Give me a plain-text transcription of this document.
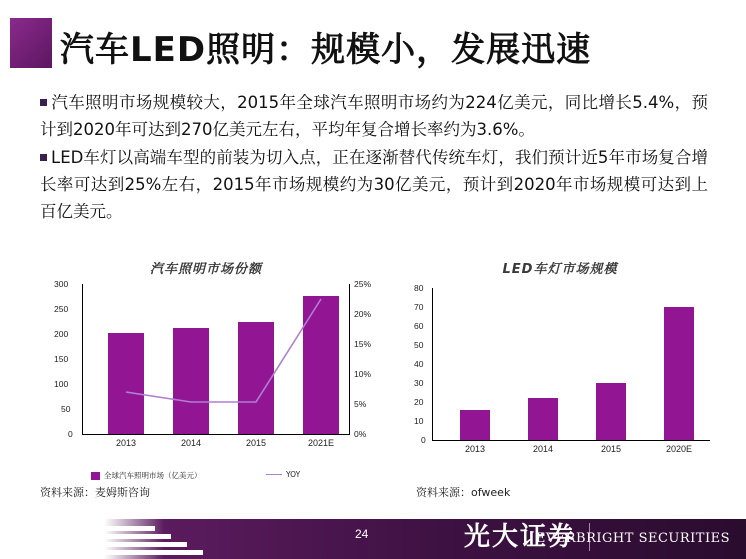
汽车LED照明：规模小，发展迅速

汽车照明市场规模较大，2015年全球汽车照明市场约为224亿美元，同比增长5.4%，预计到2020年可达到270亿美元左右，平均年复合增长率约为3.6%。

LED车灯以高端车型的前装为切入点，正在逐渐替代传统车灯，我们预计近5年市场复合增长率可达到25%左右，2015年市场规模约为30亿美元，预计到2020年市场规模可达到上百亿美元。

汽车照明市场份额
300
250
200
150
100
50
0
25%
20%
15%
10%
5%
0%
2013	2014	2015	2021E
全球汽车照明市场（亿美元）	YOY
资料来源：麦姆斯咨询
LED车灯市场规模
80
70
60
50
40
30
20
10
0
2013	2014	2015	2020E
资料来源：ofweek
24	光大证券
EVERBRIGHT SECURITIES
